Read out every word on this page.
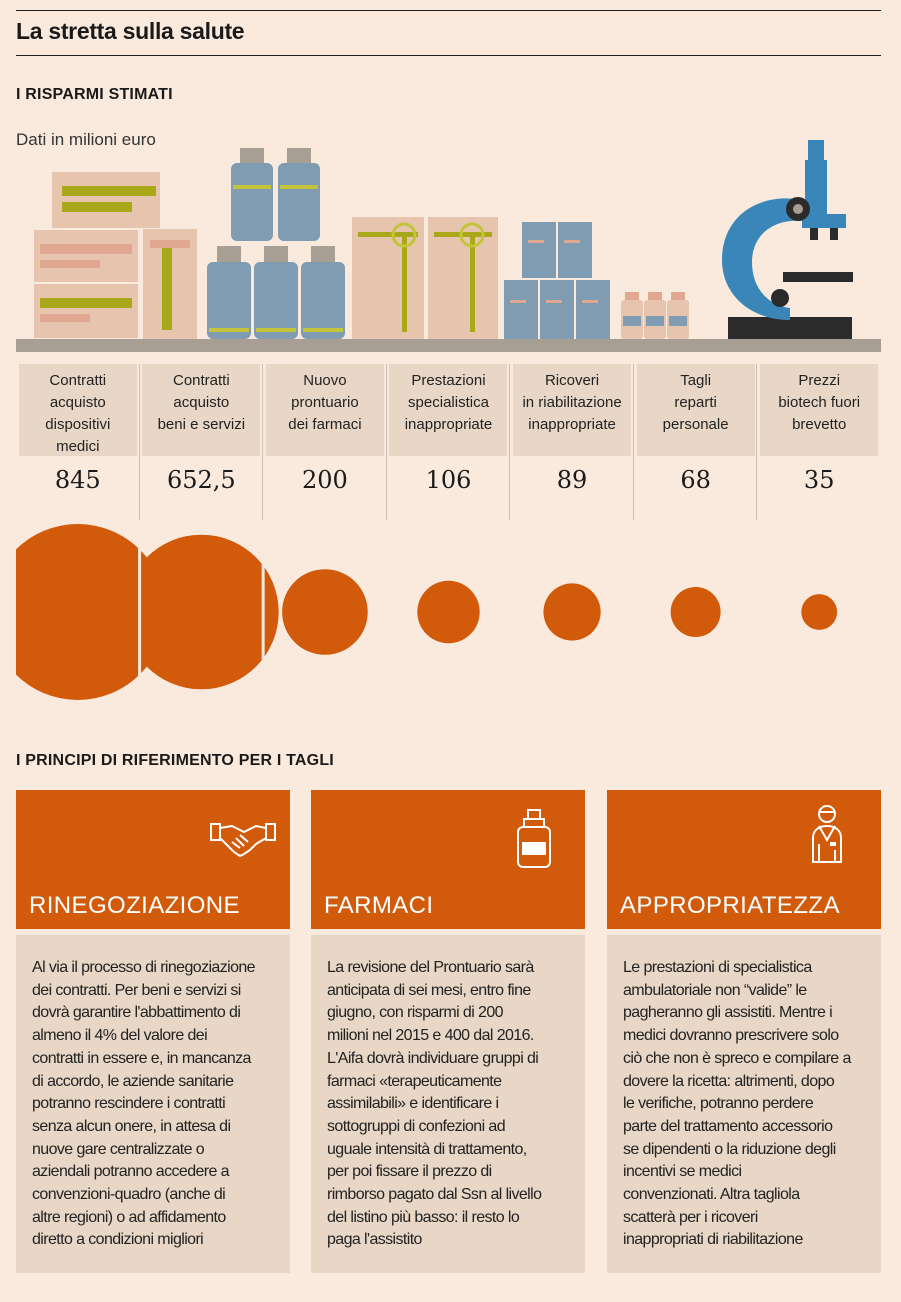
La stretta sulla salute
I RISPARMI STIMATI
Dati in milioni euro
Contratti
acquisto
dispositivi
medici
845
Contratti
acquisto
beni e servizi
652,5
Nuovo
prontuario
dei farmaci
200
Prestazioni
specialistica
inappropriate
106
Ricoveri
in riabilitazione
inappropriate
89
Tagli
reparti
personale
68
Prezzi
biotech fuori
brevetto
35
I PRINCIPI DI RIFERIMENTO PER I TAGLI
RINEGOZIAZIONE
Al via il processo di rinegoziazione
dei contratti. Per beni e servizi si
dovrà garantire l'abbattimento di
almeno il 4% del valore dei
contratti in essere e, in mancanza
di accordo, le aziende sanitarie
potranno rescindere i contratti
senza alcun onere, in attesa di
nuove gare centralizzate o
aziendali potranno accedere a
convenzioni-quadro (anche di
altre regioni) o ad affidamento
diretto a condizioni migliori
FARMACI
La revisione del Prontuario sarà
anticipata di sei mesi, entro fine
giugno, con risparmi di 200
milioni nel 2015 e 400 dal 2016.
L'Aifa dovrà individuare gruppi di
farmaci «terapeuticamente
assimilabili» e identificare i
sottogruppi di confezioni ad
uguale intensità di trattamento,
per poi fissare il prezzo di
rimborso pagato dal Ssn al livello
del listino più basso: il resto lo
paga l'assistito
APPROPRIATEZZA
Le prestazioni di specialistica
ambulatoriale non “valide” le
pagheranno gli assistiti. Mentre i
medici dovranno prescrivere solo
ciò che non è spreco e compilare a
dovere la ricetta: altrimenti, dopo
le verifiche, potranno perdere
parte del trattamento accessorio
se dipendenti o la riduzione degli
incentivi se medici
convenzionati. Altra tagliola
scatterà per i ricoveri
inappropriati di riabilitazione
